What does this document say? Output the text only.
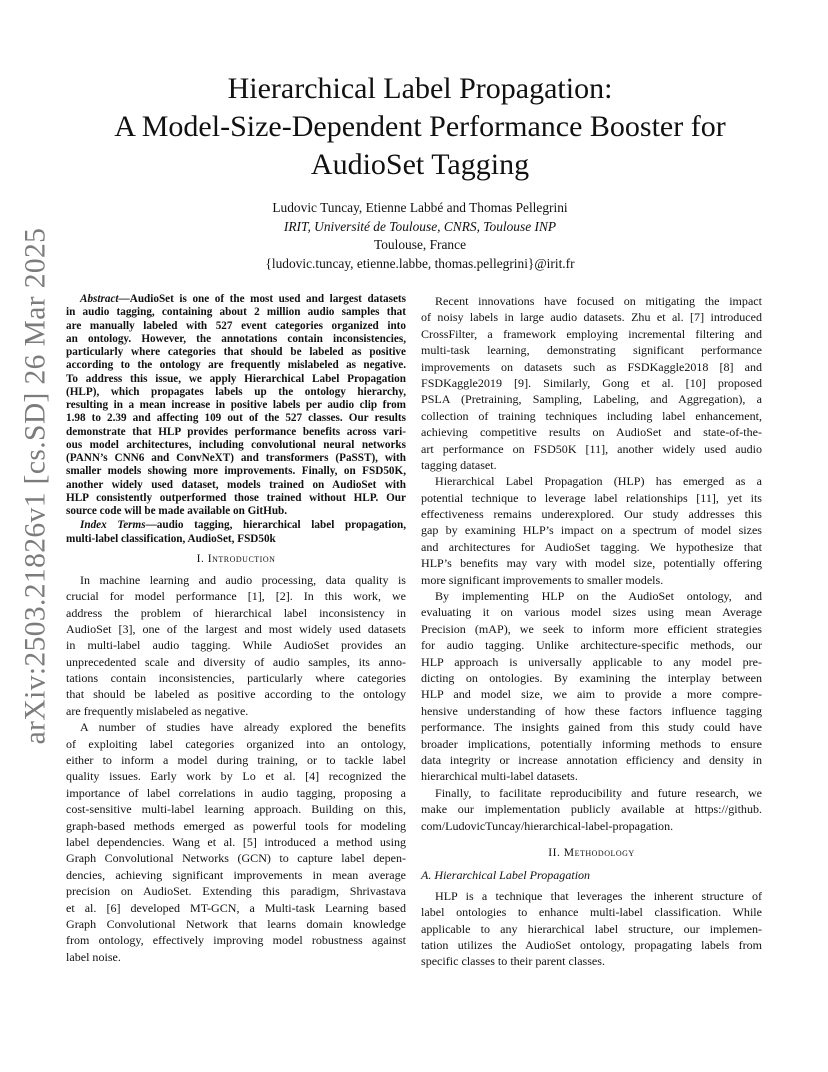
arXiv:2503.21826v1 [cs.SD] 26 Mar 2025
Hierarchical Label Propagation:
A Model-Size-Dependent Performance Booster for
AudioSet Tagging
Ludovic Tuncay, Etienne Labbé and Thomas Pellegrini
IRIT, Université de Toulouse, CNRS, Toulouse INP
Toulouse, France
{ludovic.tuncay, etienne.labbe, thomas.pellegrini}@irit.fr
Abstract—AudioSet is one of the most used and largest datasets
in audio tagging, containing about 2 million audio samples that
are manually labeled with 527 event categories organized into
an ontology. However, the annotations contain inconsistencies,
particularly where categories that should be labeled as positive
according to the ontology are frequently mislabeled as negative.
To address this issue, we apply Hierarchical Label Propagation
(HLP), which propagates labels up the ontology hierarchy,
resulting in a mean increase in positive labels per audio clip from
1.98 to 2.39 and affecting 109 out of the 527 classes. Our results
demonstrate that HLP provides performance benefits across vari-
ous model architectures, including convolutional neural networks
(PANN’s CNN6 and ConvNeXT) and transformers (PaSST), with
smaller models showing more improvements. Finally, on FSD50K,
another widely used dataset, models trained on AudioSet with
HLP consistently outperformed those trained without HLP. Our
source code will be made available on GitHub.
Index Terms—audio tagging, hierarchical label propagation,
multi-label classification, AudioSet, FSD50k
I. Introduction
In machine learning and audio processing, data quality is
crucial for model performance [1], [2]. In this work, we
address the problem of hierarchical label inconsistency in
AudioSet [3], one of the largest and most widely used datasets
in multi-label audio tagging. While AudioSet provides an
unprecedented scale and diversity of audio samples, its anno-
tations contain inconsistencies, particularly where categories
that should be labeled as positive according to the ontology
are frequently mislabeled as negative.
A number of studies have already explored the benefits
of exploiting label categories organized into an ontology,
either to inform a model during training, or to tackle label
quality issues. Early work by Lo et al. [4] recognized the
importance of label correlations in audio tagging, proposing a
cost-sensitive multi-label learning approach. Building on this,
graph-based methods emerged as powerful tools for modeling
label dependencies. Wang et al. [5] introduced a method using
Graph Convolutional Networks (GCN) to capture label depen-
dencies, achieving significant improvements in mean average
precision on AudioSet. Extending this paradigm, Shrivastava
et al. [6] developed MT-GCN, a Multi-task Learning based
Graph Convolutional Network that learns domain knowledge
from ontology, effectively improving model robustness against
label noise.
Recent innovations have focused on mitigating the impact
of noisy labels in large audio datasets. Zhu et al. [7] introduced
CrossFilter, a framework employing incremental filtering and
multi-task learning, demonstrating significant performance
improvements on datasets such as FSDKaggle2018 [8] and
FSDKaggle2019 [9]. Similarly, Gong et al. [10] proposed
PSLA (Pretraining, Sampling, Labeling, and Aggregation), a
collection of training techniques including label enhancement,
achieving competitive results on AudioSet and state-of-the-
art performance on FSD50K [11], another widely used audio
tagging dataset.
Hierarchical Label Propagation (HLP) has emerged as a
potential technique to leverage label relationships [11], yet its
effectiveness remains underexplored. Our study addresses this
gap by examining HLP’s impact on a spectrum of model sizes
and architectures for AudioSet tagging. We hypothesize that
HLP’s benefits may vary with model size, potentially offering
more significant improvements to smaller models.
By implementing HLP on the AudioSet ontology, and
evaluating it on various model sizes using mean Average
Precision (mAP), we seek to inform more efficient strategies
for audio tagging. Unlike architecture-specific methods, our
HLP approach is universally applicable to any model pre-
dicting on ontologies. By examining the interplay between
HLP and model size, we aim to provide a more compre-
hensive understanding of how these factors influence tagging
performance. The insights gained from this study could have
broader implications, potentially informing methods to ensure
data integrity or increase annotation efficiency and density in
hierarchical multi-label datasets.
Finally, to facilitate reproducibility and future research, we
make our implementation publicly available at https://github.
com/LudovicTuncay/hierarchical-label-propagation.
II. Methodology
A. Hierarchical Label Propagation
HLP is a technique that leverages the inherent structure of
label ontologies to enhance multi-label classification. While
applicable to any hierarchical label structure, our implemen-
tation utilizes the AudioSet ontology, propagating labels from
specific classes to their parent classes.
